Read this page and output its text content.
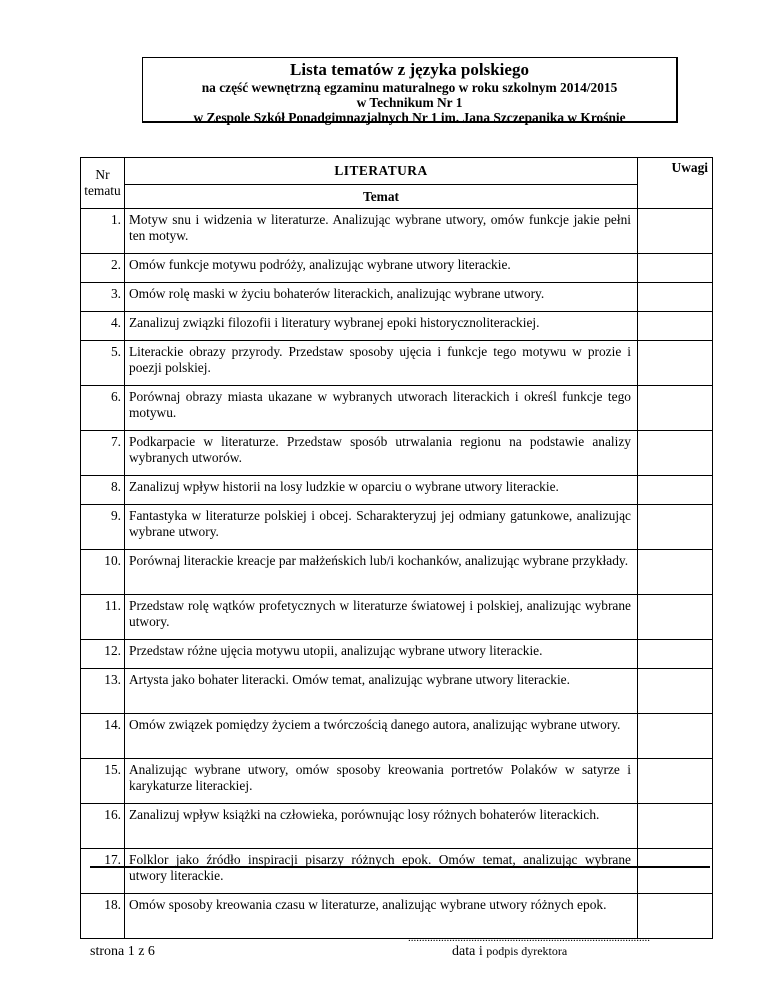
Lista tematów z języka polskiego
na część wewnętrzną egzaminu maturalnego w roku szkolnym 2014/2015
w Technikum Nr 1
w Zespole Szkół Ponadgimnazjalnych Nr 1 im. Jana Szczepanika w Krośnie
Nr
tematu	LITERATURA	Uwagi
	Temat	
1.	Motyw snu i widzenia w literaturze. Analizując wybrane utwory, omów funkcje jakie pełni ten motyw.	
2.	Omów funkcje motywu podróży, analizując wybrane utwory literackie.	
3.	Omów rolę maski w życiu bohaterów literackich, analizując wybrane utwory.	
4.	Zanalizuj związki filozofii i literatury wybranej epoki historycznoliterackiej.	
5.	Literackie obrazy przyrody. Przedstaw sposoby ujęcia i funkcje tego motywu w prozie i poezji polskiej.	
6.	Porównaj obrazy miasta ukazane w wybranych utworach literackich i określ funkcje tego motywu.	
7.	Podkarpacie w literaturze. Przedstaw sposób utrwalania regionu na podstawie analizy wybranych utworów.	
8.	Zanalizuj wpływ historii na losy ludzkie w oparciu o wybrane utwory literackie.	
9.	Fantastyka w literaturze polskiej i obcej. Scharakteryzuj jej odmiany gatunkowe, analizując wybrane utwory.	
10.	Porównaj literackie kreacje par małżeńskich lub/i kochanków, analizując wybrane przykłady.	
11.	Przedstaw rolę wątków profetycznych w literaturze światowej i polskiej, analizując wybrane utwory.	
12.	Przedstaw różne ujęcia motywu utopii, analizując wybrane utwory literackie.	
13.	Artysta jako bohater literacki. Omów temat, analizując wybrane utwory literackie.	
14.	Omów związek pomiędzy życiem a twórczością danego autora, analizując wybrane utwory.	
15.	Analizując wybrane utwory, omów sposoby kreowania portretów Polaków w satyrze i karykaturze literackiej.	
16.	Zanalizuj wpływ książki na człowieka, porównując losy różnych bohaterów literackich.	
17.	Folklor jako źródło inspiracji pisarzy różnych epok. Omów temat, analizując wybrane utwory literackie.	
18.	Omów sposoby kreowania czasu w literaturze, analizując wybrane utwory różnych epok.	
strona 1 z 6
........................................................................................
data i podpis dyrektora
